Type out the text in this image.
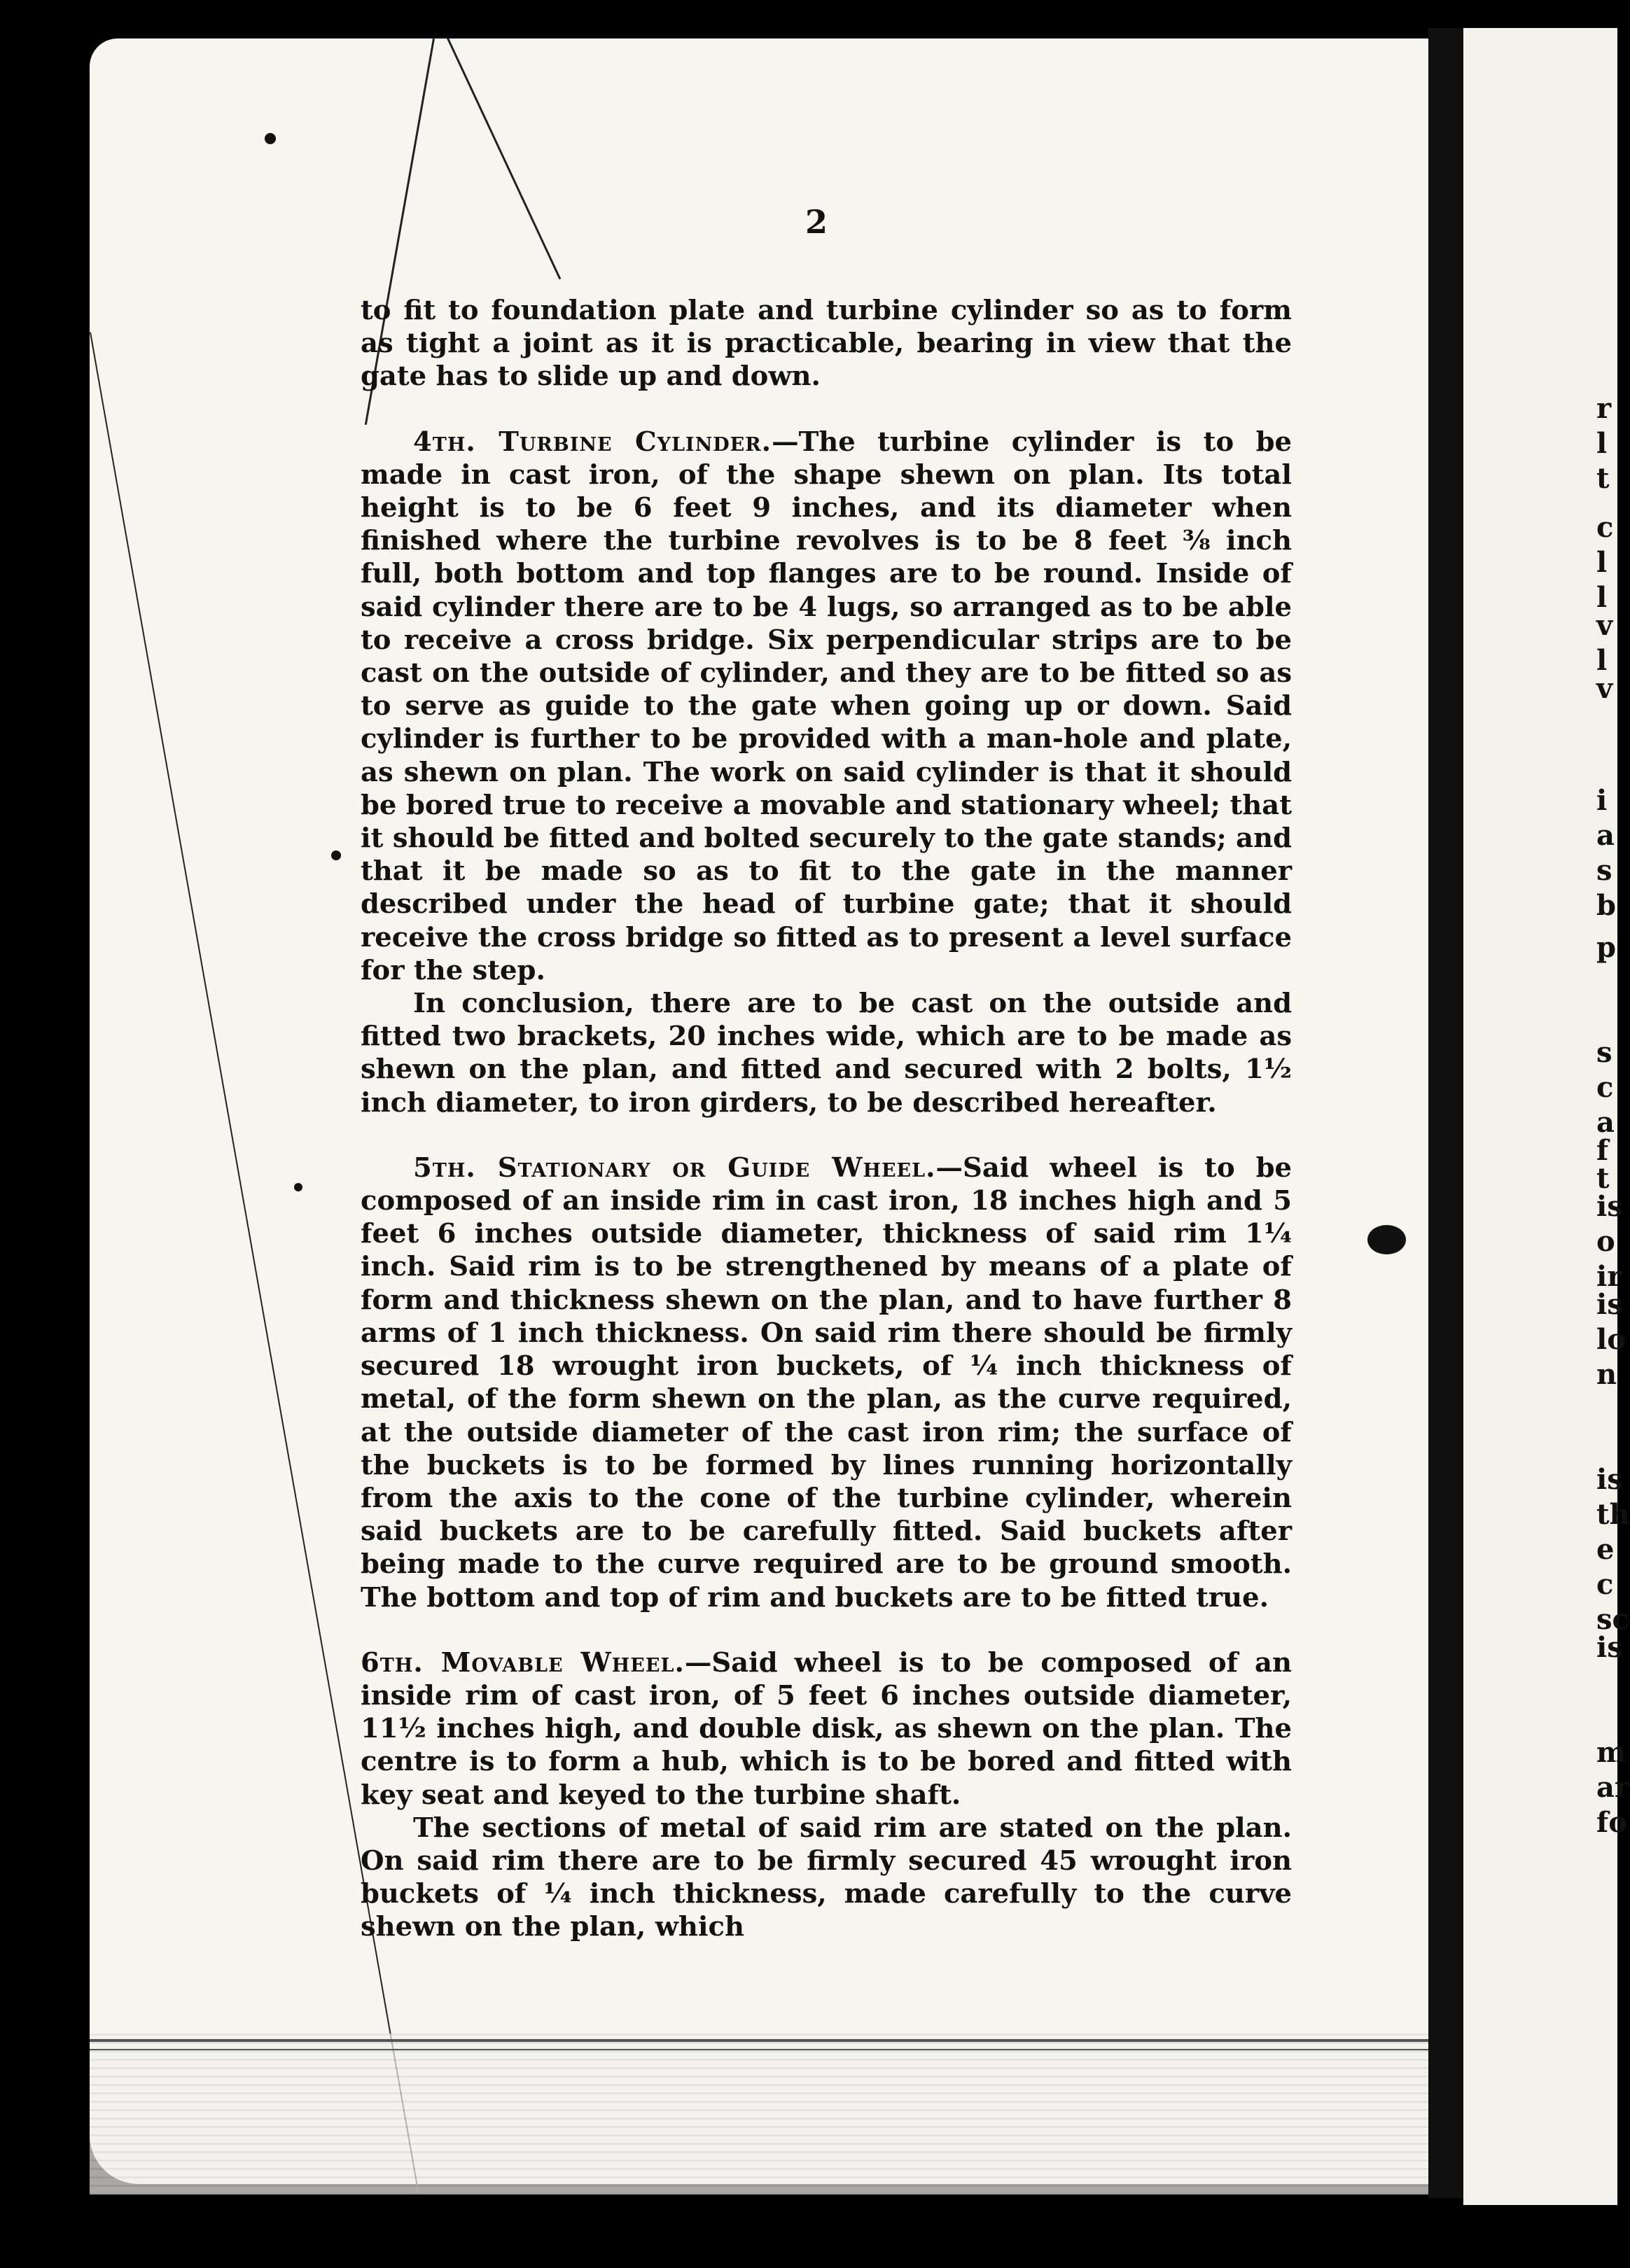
r
l
t
c
l
l
v
l
v
i
a
s
b
p
s
c
a
f
t
is
o
ir
is
lo
n
is
th
e
c
sc
is
m
ar
fo
2

to fit to foundation plate and turbine cylinder so as to form as tight a joint as it is practicable, bearing in view that the gate has to slide up and down.

4th. Turbine Cylinder.—The turbine cylinder is to be made in cast iron, of the shape shewn on plan. Its total height is to be 6 feet 9 inches, and its diameter when finished where the turbine revolves is to be 8 feet ⅜ inch full, both bottom and top flanges are to be round. Inside of said cylinder there are to be 4 lugs, so arranged as to be able to receive a cross bridge. Six perpendicular strips are to be cast on the outside of cylinder, and they are to be fitted so as to serve as guide to the gate when going up or down. Said cylinder is further to be provided with a man-hole and plate, as shewn on plan. The work on said cylinder is that it should be bored true to receive a movable and stationary wheel; that it should be fitted and bolted securely to the gate stands; and that it be made so as to fit to the gate in the manner described under the head of turbine gate; that it should receive the cross bridge so fitted as to present a level surface for the step.

In conclusion, there are to be cast on the outside and fitted two brackets, 20 inches wide, which are to be made as shewn on the plan, and fitted and secured with 2 bolts, 1½ inch diameter, to iron girders, to be described hereafter.

5th. Stationary or Guide Wheel.—Said wheel is to be composed of an inside rim in cast iron, 18 inches high and 5 feet 6 inches outside diameter, thickness of said rim 1¼ inch. Said rim is to be strengthened by means of a plate of form and thickness shewn on the plan, and to have further 8 arms of 1 inch thickness. On said rim there should be firmly secured 18 wrought iron buckets, of ¼ inch thickness of metal, of the form shewn on the plan, as the curve required, at the outside diameter of the cast iron rim; the surface of the buckets is to be formed by lines running horizontally from the axis to the cone of the turbine cylinder, wherein said buckets are to be carefully fitted. Said buckets after being made to the curve required are to be ground smooth. The bottom and top of rim and buckets are to be fitted true.

6th. Movable Wheel.—Said wheel is to be composed of an inside rim of cast iron, of 5 feet 6 inches outside diameter, 11½ inches high, and double disk, as shewn on the plan. The centre is to form a hub, which is to be bored and fitted with key seat and keyed to the turbine shaft.

The sections of metal of said rim are stated on the plan. On said rim there are to be firmly secured 45 wrought iron buckets of ¼ inch thickness, made carefully to the curve shewn on the plan, which
